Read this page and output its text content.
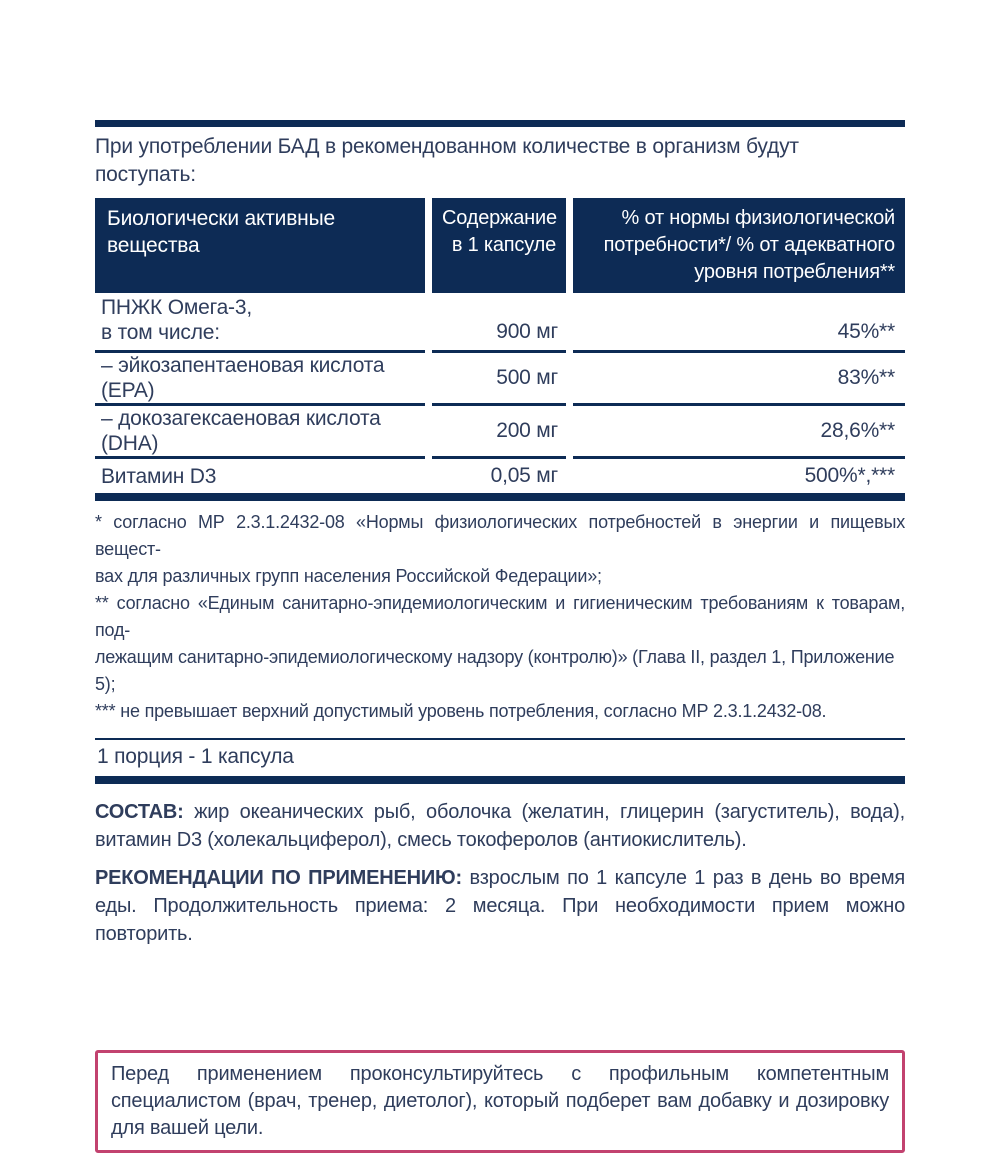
При употреблении БАД в рекомендованном количестве в организм будут поступать:
Биологически активные вещества
Содержание в 1 капсуле
% от нормы физиологической потребности*/ % от адекватного уровня потребления**
ПНЖК Омега-3,
в том числе:	900 мг	45%**
– эйкозапентаеновая кислота (EPA)
500 мг	83%**
– докозагексаеновая кислота (DHA)
200 мг	28,6%**
Витамин D3	0,05 мг	500%*,***
* согласно МР 2.3.1.2432-08 «Нормы физиологических потребностей в энергии и пищевых вещест-
вах для различных групп населения Российской Федерации»;
** согласно «Единым санитарно-эпидемиологическим и гигиеническим требованиям к товарам, под-
лежащим санитарно-эпидемиологическому надзору (контролю)» (Глава II, раздел 1, Приложение 5);
*** не превышает верхний допустимый уровень потребления, согласно МР 2.3.1.2432-08.
1 порция - 1 капсула

СОСТАВ: жир океанических рыб, оболочка (желатин, глицерин (загуститель), вода), витамин D3 (холекальциферол), смесь токоферолов (антиокислитель).

РЕКОМЕНДАЦИИ ПО ПРИМЕНЕНИЮ: взрослым по 1 капсуле 1 раз в день во время еды. Продолжительность приема: 2 месяца. При необходимости прием можно повторить.

Перед применением проконсультируйтесь с профильным компетентным специалистом (врач, тренер, диетолог), который подберет вам добавку и дозировку для вашей цели.
